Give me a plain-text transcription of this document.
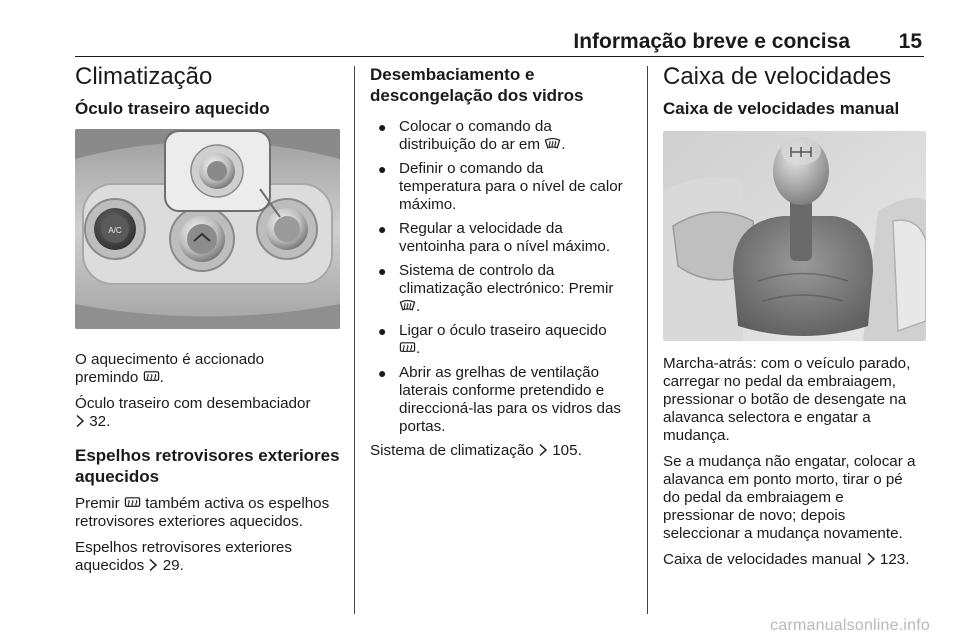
Informação breve e concisa	15
Climatização
Óculo traseiro aquecido
A/C
O aquecimento é accionado
premindo .
Óculo traseiro com desembaciador
32.
Espelhos retrovisores exteriores aquecidos
Premir também activa os espelhos
retrovisores exteriores aquecidos.
Espelhos retrovisores exteriores
aquecidos 29.
Desembaciamento e descongelação dos vidros
● Colocar o comando da
distribuição do ar em .
● Definir o comando da
temperatura para o nível de calor
máximo.
● Regular a velocidade da
ventoinha para o nível máximo.
● Sistema de controlo da
climatização electrónico: Premir
.
● Ligar o óculo traseiro aquecido
.
● Abrir as grelhas de ventilação
laterais conforme pretendido e
direccioná-las para os vidros das
portas.
Sistema de climatização 105.
Caixa de velocidades
Caixa de velocidades manual
Marcha-atrás: com o veículo parado,
carregar no pedal da embraiagem,
pressionar o botão de desengate na
alavanca selectora e engatar a
mudança.
Se a mudança não engatar, colocar a
alavanca em ponto morto, tirar o pé
do pedal da embraiagem e
pressionar de novo; depois
seleccionar a mudança novamente.
Caixa de velocidades manual 123.
carmanualsonline.info
